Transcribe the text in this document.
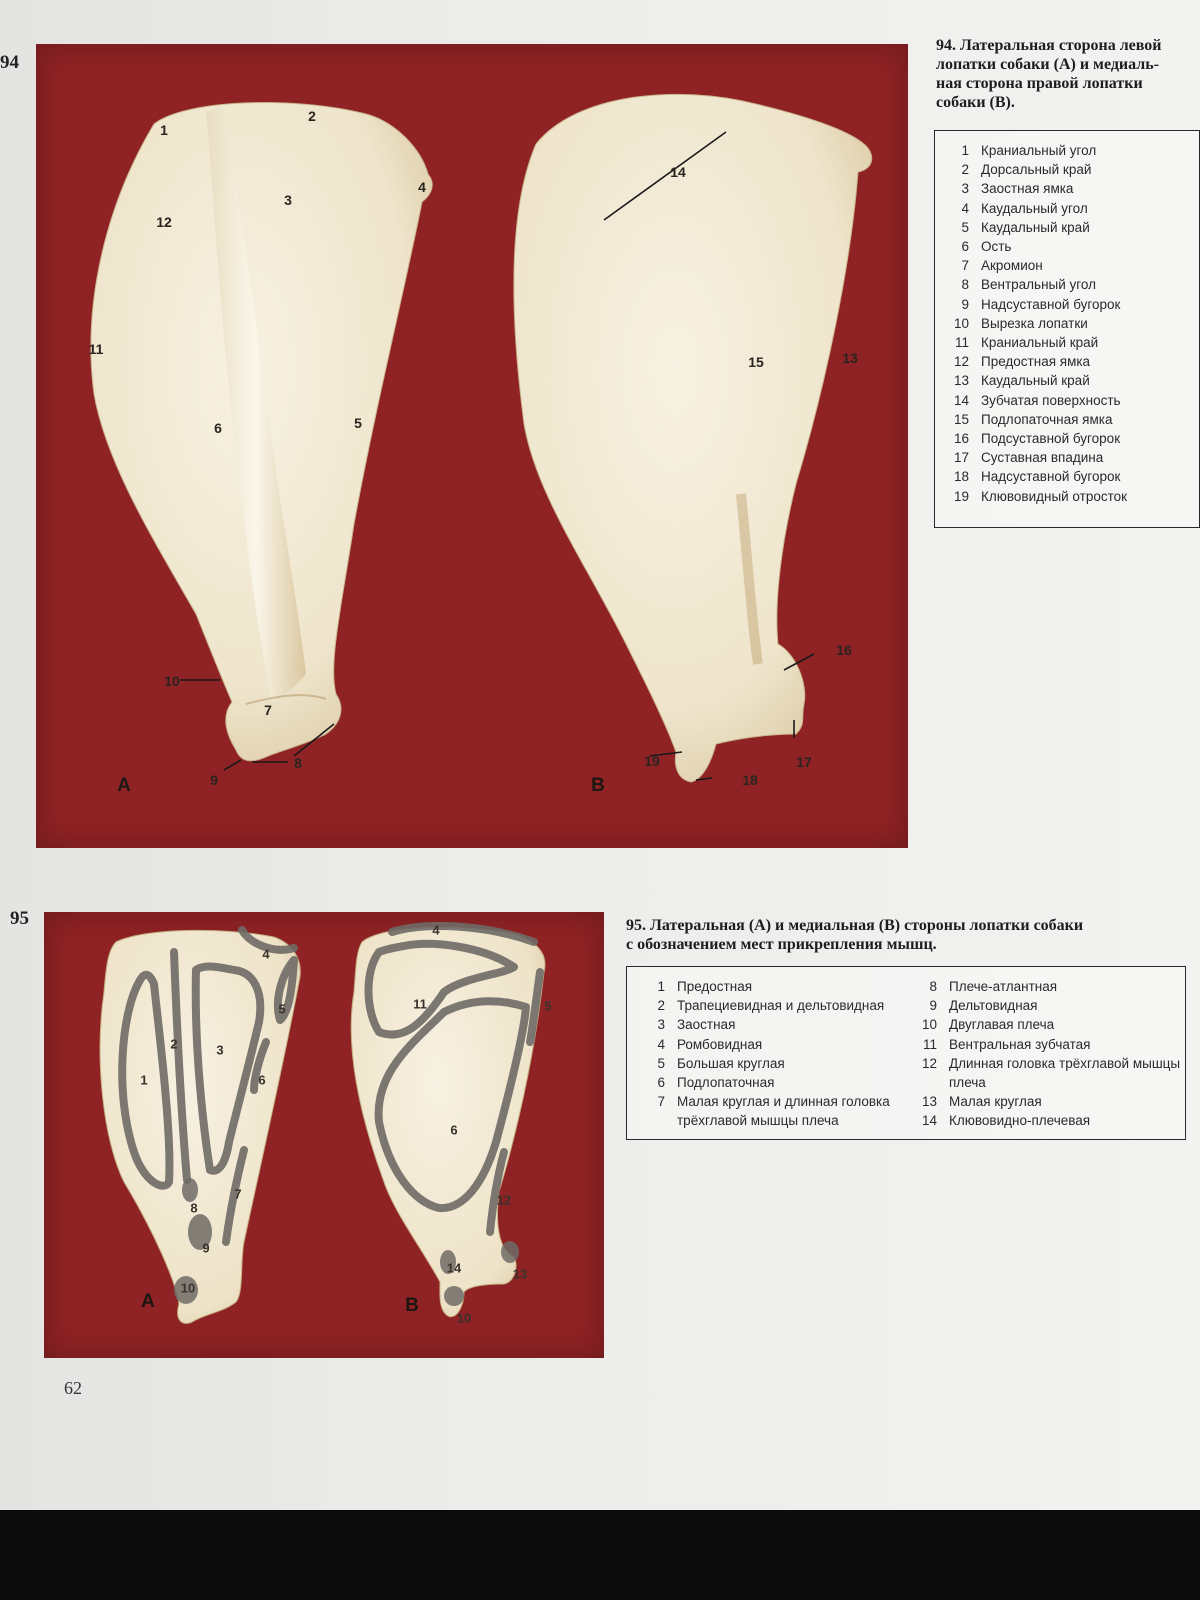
94
1
2
3
4
12
11
6	5
10
7
9
8
A
14
15	13
16
19	17
18
B
94. Латеральная сторона левой
лопатки собаки (А) и медиаль-
ная сторона правой лопатки
собаки (В).
1 Краниальный угол
2 Дорсальный край
3 Заостная ямка
4 Каудальный угол
5 Каудальный край
6 Ость
7 Акромион
8 Вентральный угол
9 Надсуставной бугорок
10 Вырезка лопатки
11 Краниальный край
12 Предостная ямка
13 Каудальный край
14 Зубчатая поверхность
15 Подлопаточная ямка
16 Подсуставной бугорок
17 Суставная впадина
18 Надсуставной бугорок
19 Клювовидный отросток
95
4
5
2	3
1	6
7
8
9
10
A
4
11	5
6
12
14	13
10
B
95. Латеральная (А) и медиальная (В) стороны лопатки собаки
с обозначением мест прикрепления мышц.
1 Предостная
2 Трапециевидная и дельтовидная
3 Заостная
4 Ромбовидная
5 Большая круглая
6 Подлопаточная
7 Малая круглая и длинная головка трёхглавой мышцы плеча
8 Плече-атлантная
9 Дельтовидная
10 Двуглавая плеча
11 Вентральная зубчатая
12 Длинная головка трёхглавой мышцы плеча
13 Малая круглая
14 Клювовидно-плечевая
62
